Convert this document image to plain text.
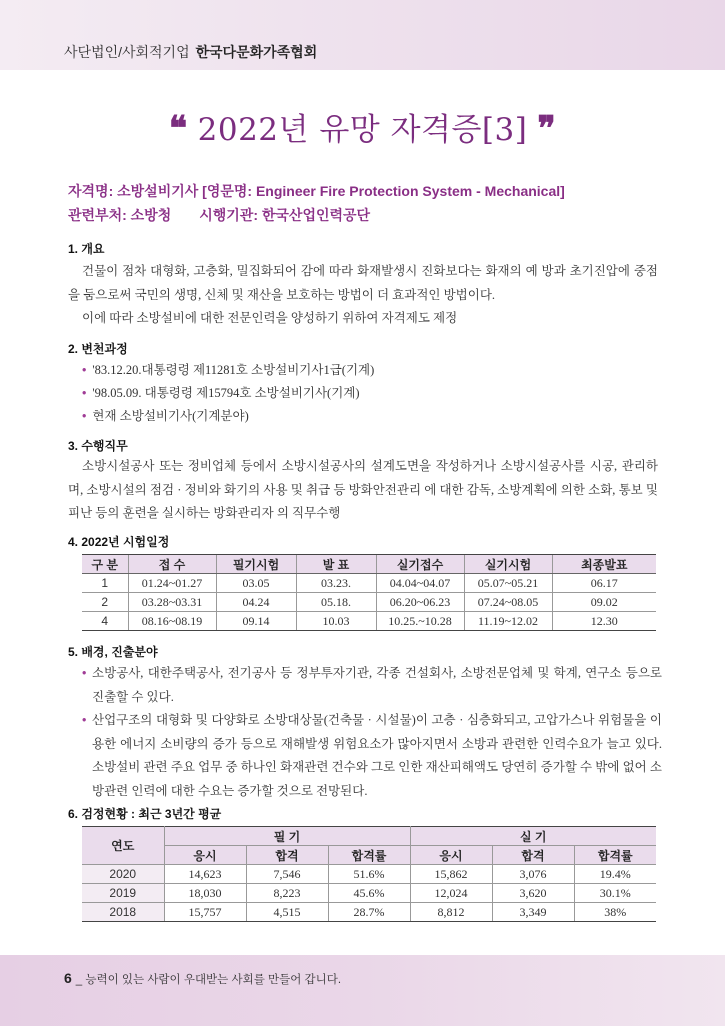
사단법인/사회적기업 한국다문화가족협회
❝ 2022년 유망 자격증[3] ❞
자격명: 소방설비기사 [영문명: Engineer Fire Protection System - Mechanical]
관련부처: 소방청 시행기관: 한국산업인력공단
1. 개요
건물이 점차 대형화, 고층화, 밀집화되어 감에 따라 화재발생시 진화보다는 화재의 예 방과 초기진압에 중점을 둠으로써 국민의 생명, 신체 및 재산을 보호하는 방법이 더 효과적인 방법이다.
이에 따라 소방설비에 대한 전문인력을 양성하기 위하여 자격제도 제정
2. 변천과정
• '83.12.20.대통령령 제11281호 소방설비기사1급(기계)
• '98.05.09. 대통령령 제15794호 소방설비기사(기계)
• 현재 소방설비기사(기계분야)
3. 수행직무
소방시설공사 또는 정비업체 등에서 소방시설공사의 설계도면을 작성하거나 소방시설공사를 시공, 관리하며, 소방시설의 점검 · 정비와 화기의 사용 및 취급 등 방화안전관리 에 대한 감독, 소방계획에 의한 소화, 통보 및 피난 등의 훈련을 실시하는 방화관리자 의 직무수행
4. 2022년 시험일정
구 분	접 수	필기시험	발 표	실기접수	실기시험	최종발표
1	01.24~01.27	03.05	03.23.	04.04~04.07	05.07~05.21	06.17
2	03.28~03.31	04.24	05.18.	06.20~06.23	07.24~08.05	09.02
4	08.16~08.19	09.14	10.03	10.25.~10.28	11.19~12.02	12.30
5. 배경, 진출분야
• 소방공사, 대한주택공사, 전기공사 등 정부투자기관, 각종 건설회사, 소방전문업체 및 학계, 연구소 등으로 진출할 수 있다.
• 산업구조의 대형화 및 다양화로 소방대상물(건축물 · 시설물)이 고층 · 심층화되고, 고압가스나 위험물을 이용한 에너지 소비량의 증가 등으로 재해발생 위험요소가 많아지면서 소방과 관련한 인력수요가 늘고 있다. 소방설비 관련 주요 업무 중 하나인 화재관련 건수와 그로 인한 재산피해액도 당연히 증가할 수 밖에 없어 소방관련 인력에 대한 수요는 증가할 것으로 전망된다.
6. 검정현황 : 최근 3년간 평균
연도	필 기			실 기		
	응시	합격	합격률	응시	합격	합격률
2020	14,623	7,546	51.6%	15,862	3,076	19.4%
2019	18,030	8,223	45.6%	12,024	3,620	30.1%
2018	15,757	4,515	28.7%	8,812	3,349	38%
6 _ 능력이 있는 사람이 우대받는 사회를 만들어 갑니다.
